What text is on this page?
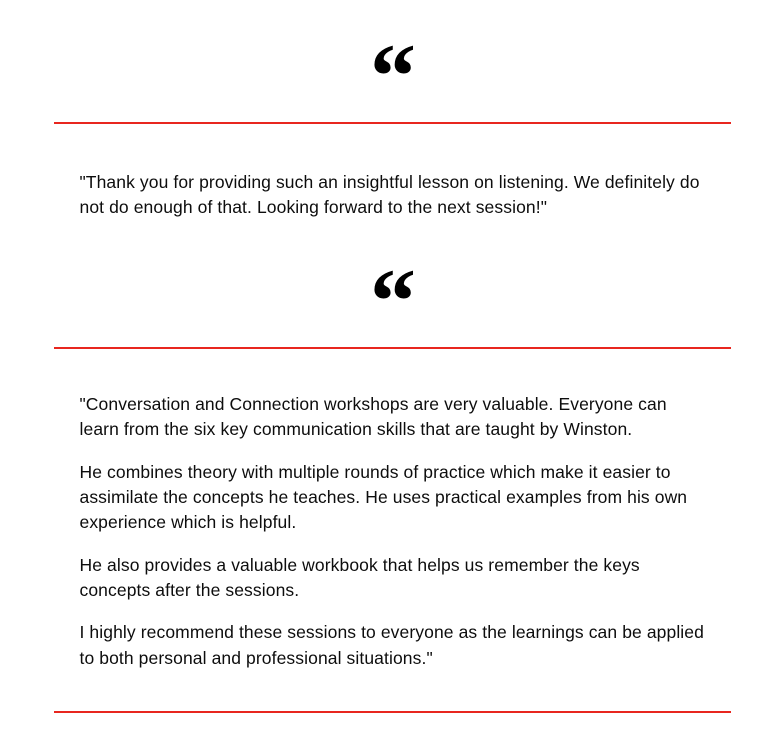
“

"Thank you for providing such an insightful lesson on listening. We definitely do not do enough of that. Looking forward to the next session!"

“

"Conversation and Connection workshops are very valuable. Everyone can learn from the six key communication skills that are taught by Winston.

He combines theory with multiple rounds of practice which make it easier to assimilate the concepts he teaches. He uses practical examples from his own experience which is helpful.

He also provides a valuable workbook that helps us remember the keys concepts after the sessions.

I highly recommend these sessions to everyone as the learnings can be applied to both personal and professional situations."
